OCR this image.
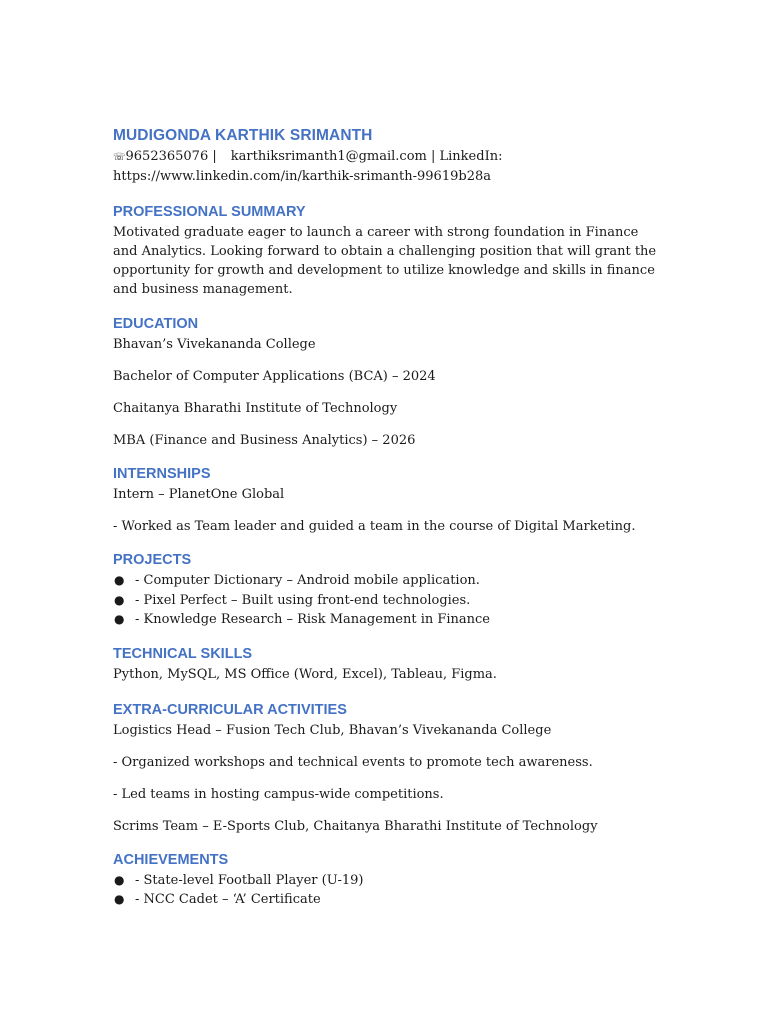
MUDIGONDA KARTHIK SRIMANTH

☏9652365076 | karthiksrimanth1@gmail.com | LinkedIn:

https://www.linkedin.com/in/karthik-srimanth-99619b28a

PROFESSIONAL SUMMARY

Motivated graduate eager to launch a career with strong foundation in Finance and Analytics. Looking forward to obtain a challenging position that will grant the opportunity for growth and development to utilize knowledge and skills in finance and business management.

EDUCATION

Bhavan’s Vivekananda College

Bachelor of Computer Applications (BCA) – 2024

Chaitanya Bharathi Institute of Technology

MBA (Finance and Business Analytics) – 2026

INTERNSHIPS

Intern – PlanetOne Global

- Worked as Team leader and guided a team in the course of Digital Marketing.

PROJECTS
● - Computer Dictionary – Android mobile application.
● - Pixel Perfect – Built using front-end technologies.
● - Knowledge Research – Risk Management in Finance
TECHNICAL SKILLS

Python, MySQL, MS Office (Word, Excel), Tableau, Figma.

EXTRA-CURRICULAR ACTIVITIES

Logistics Head – Fusion Tech Club, Bhavan’s Vivekananda College

- Organized workshops and technical events to promote tech awareness.

- Led teams in hosting campus-wide competitions.

Scrims Team – E-Sports Club, Chaitanya Bharathi Institute of Technology

ACHIEVEMENTS
● - State-level Football Player (U-19)
● - NCC Cadet – ‘A’ Certificate
